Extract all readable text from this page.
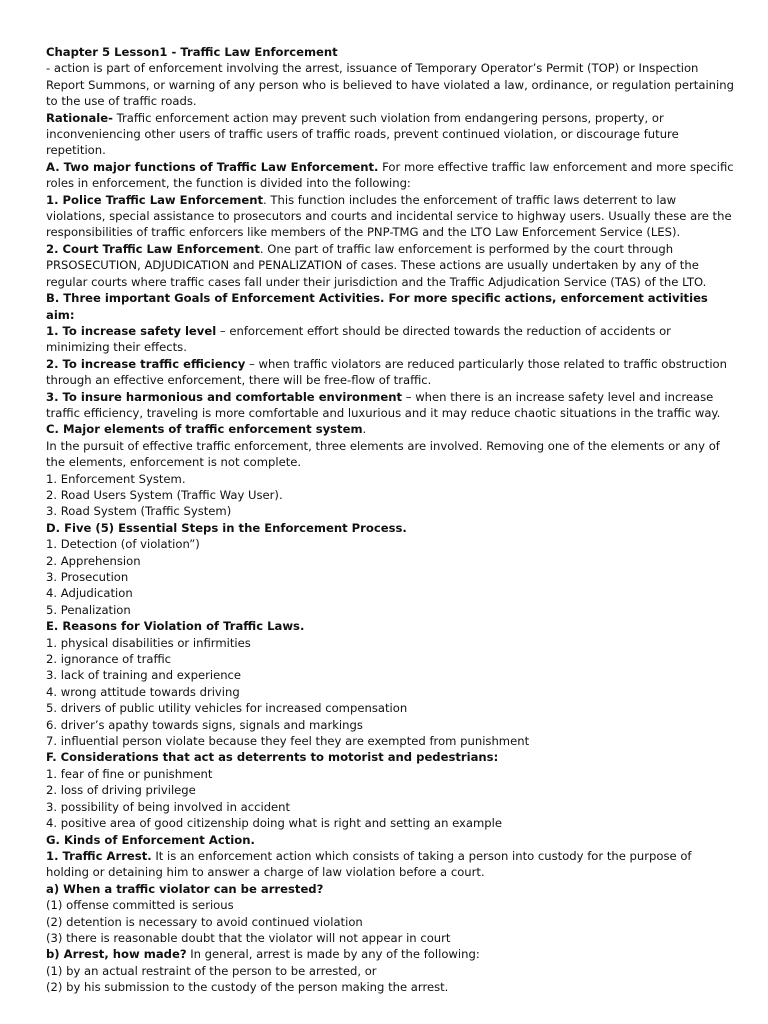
Chapter 5 Lesson1 - Traffic Law Enforcement

- action is part of enforcement involving the arrest, issuance of Temporary Operator’s Permit (TOP) or Inspection Report Summons, or warning of any person who is believed to have violated a law, ordinance, or regulation pertaining to the use of traffic roads.

Rationale- Traffic enforcement action may prevent such violation from endangering persons, property, or inconveniencing other users of traffic users of traffic roads, prevent continued violation, or discourage future repetition.

A. Two major functions of Traffic Law Enforcement. For more effective traffic law enforcement and more specific roles in enforcement, the function is divided into the following:

1. Police Traffic Law Enforcement. This function includes the enforcement of traffic laws deterrent to law violations, special assistance to prosecutors and courts and incidental service to highway users. Usually these are the responsibilities of traffic enforcers like members of the PNP-TMG and the LTO Law Enforcement Service (LES).

2. Court Traffic Law Enforcement. One part of traffic law enforcement is performed by the court through PRSOSECUTION, ADJUDICATION and PENALIZATION of cases. These actions are usually undertaken by any of the regular courts where traffic cases fall under their jurisdiction and the Traffic Adjudication Service (TAS) of the LTO.

B. Three important Goals of Enforcement Activities. For more specific actions, enforcement activities aim:

1. To increase safety level – enforcement effort should be directed towards the reduction of accidents or minimizing their effects.

2. To increase traffic efficiency – when traffic violators are reduced particularly those related to traffic obstruction through an effective enforcement, there will be free-flow of traffic.

3. To insure harmonious and comfortable environment – when there is an increase safety level and increase traffic efficiency, traveling is more comfortable and luxurious and it may reduce chaotic situations in the traffic way.

C. Major elements of traffic enforcement system.

In the pursuit of effective traffic enforcement, three elements are involved. Removing one of the elements or any of the elements, enforcement is not complete.

1. Enforcement System.

2. Road Users System (Traffic Way User).

3. Road System (Traffic System)

D. Five (5) Essential Steps in the Enforcement Process.

1. Detection (of violation”)

2. Apprehension

3. Prosecution

4. Adjudication

5. Penalization

E. Reasons for Violation of Traffic Laws.

1. physical disabilities or infirmities

2. ignorance of traffic

3. lack of training and experience

4. wrong attitude towards driving

5. drivers of public utility vehicles for increased compensation

6. driver’s apathy towards signs, signals and markings

7. influential person violate because they feel they are exempted from punishment

F. Considerations that act as deterrents to motorist and pedestrians:

1. fear of fine or punishment

2. loss of driving privilege

3. possibility of being involved in accident

4. positive area of good citizenship doing what is right and setting an example

G. Kinds of Enforcement Action.

1. Traffic Arrest. It is an enforcement action which consists of taking a person into custody for the purpose of holding or detaining him to answer a charge of law violation before a court.

a) When a traffic violator can be arrested?

(1) offense committed is serious

(2) detention is necessary to avoid continued violation

(3) there is reasonable doubt that the violator will not appear in court

b) Arrest, how made? In general, arrest is made by any of the following:

(1) by an actual restraint of the person to be arrested, or

(2) by his submission to the custody of the person making the arrest.
